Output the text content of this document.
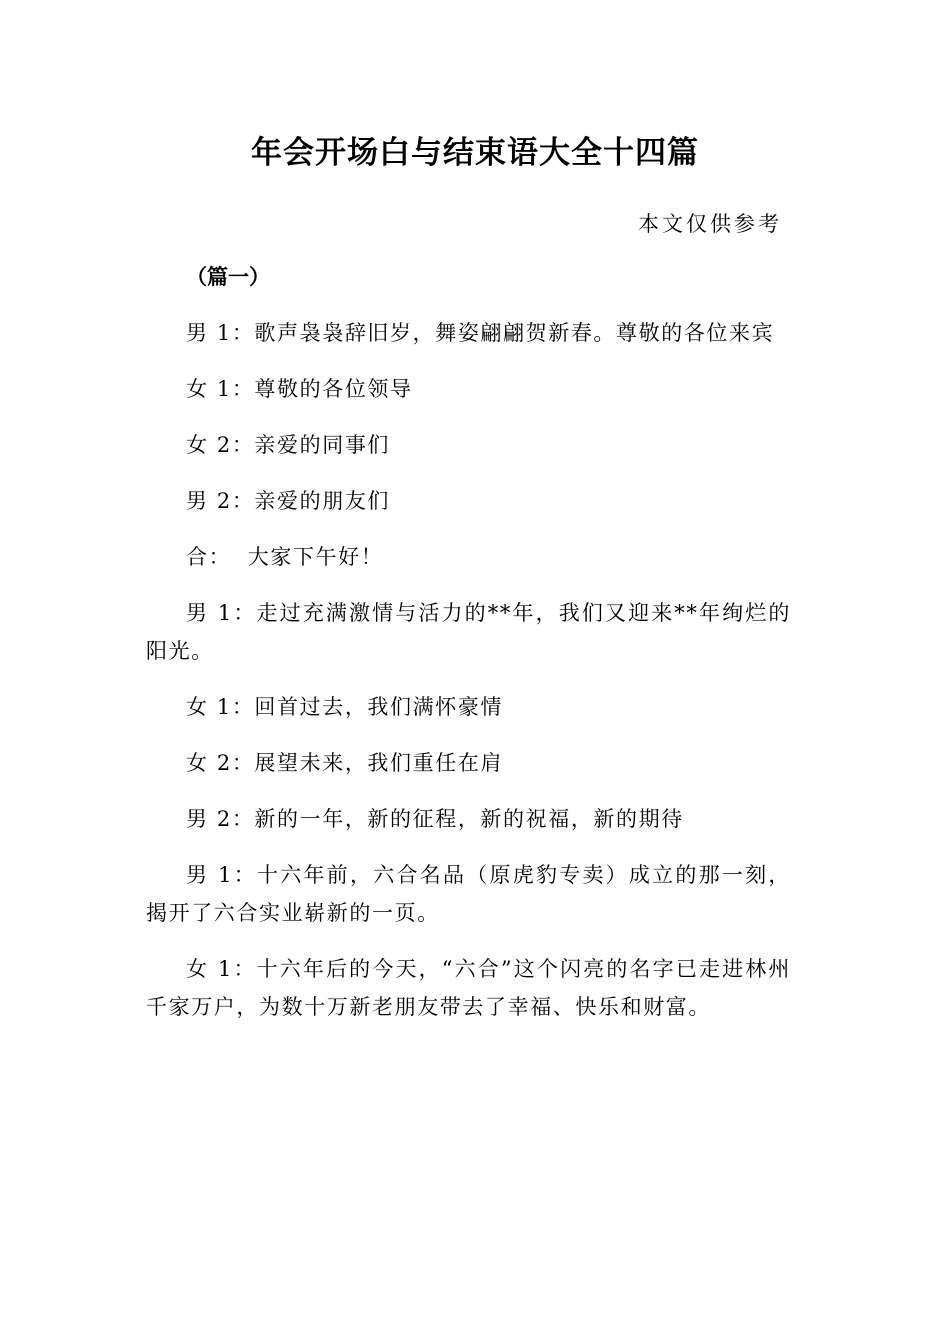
年会开场白与结束语大全十四篇
本文仅供参考
（篇一）

男 1：歌声袅袅辞旧岁，舞姿翩翩贺新春。尊敬的各位来宾

女 1：尊敬的各位领导

女 2：亲爱的同事们

男 2：亲爱的朋友们

合：  大家下午好！

男 1：走过充满激情与活力的**年，我们又迎来**年绚烂的阳光。

女 1：回首过去，我们满怀豪情

女 2：展望未来，我们重任在肩

男 2：新的一年，新的征程，新的祝福，新的期待

男 1：十六年前，六合名品（原虎豹专卖）成立的那一刻，揭开了六合实业崭新的一页。

女 1：十六年后的今天，“六合”这个闪亮的名字已走进林州千家万户，为数十万新老朋友带去了幸福、快乐和财富。
